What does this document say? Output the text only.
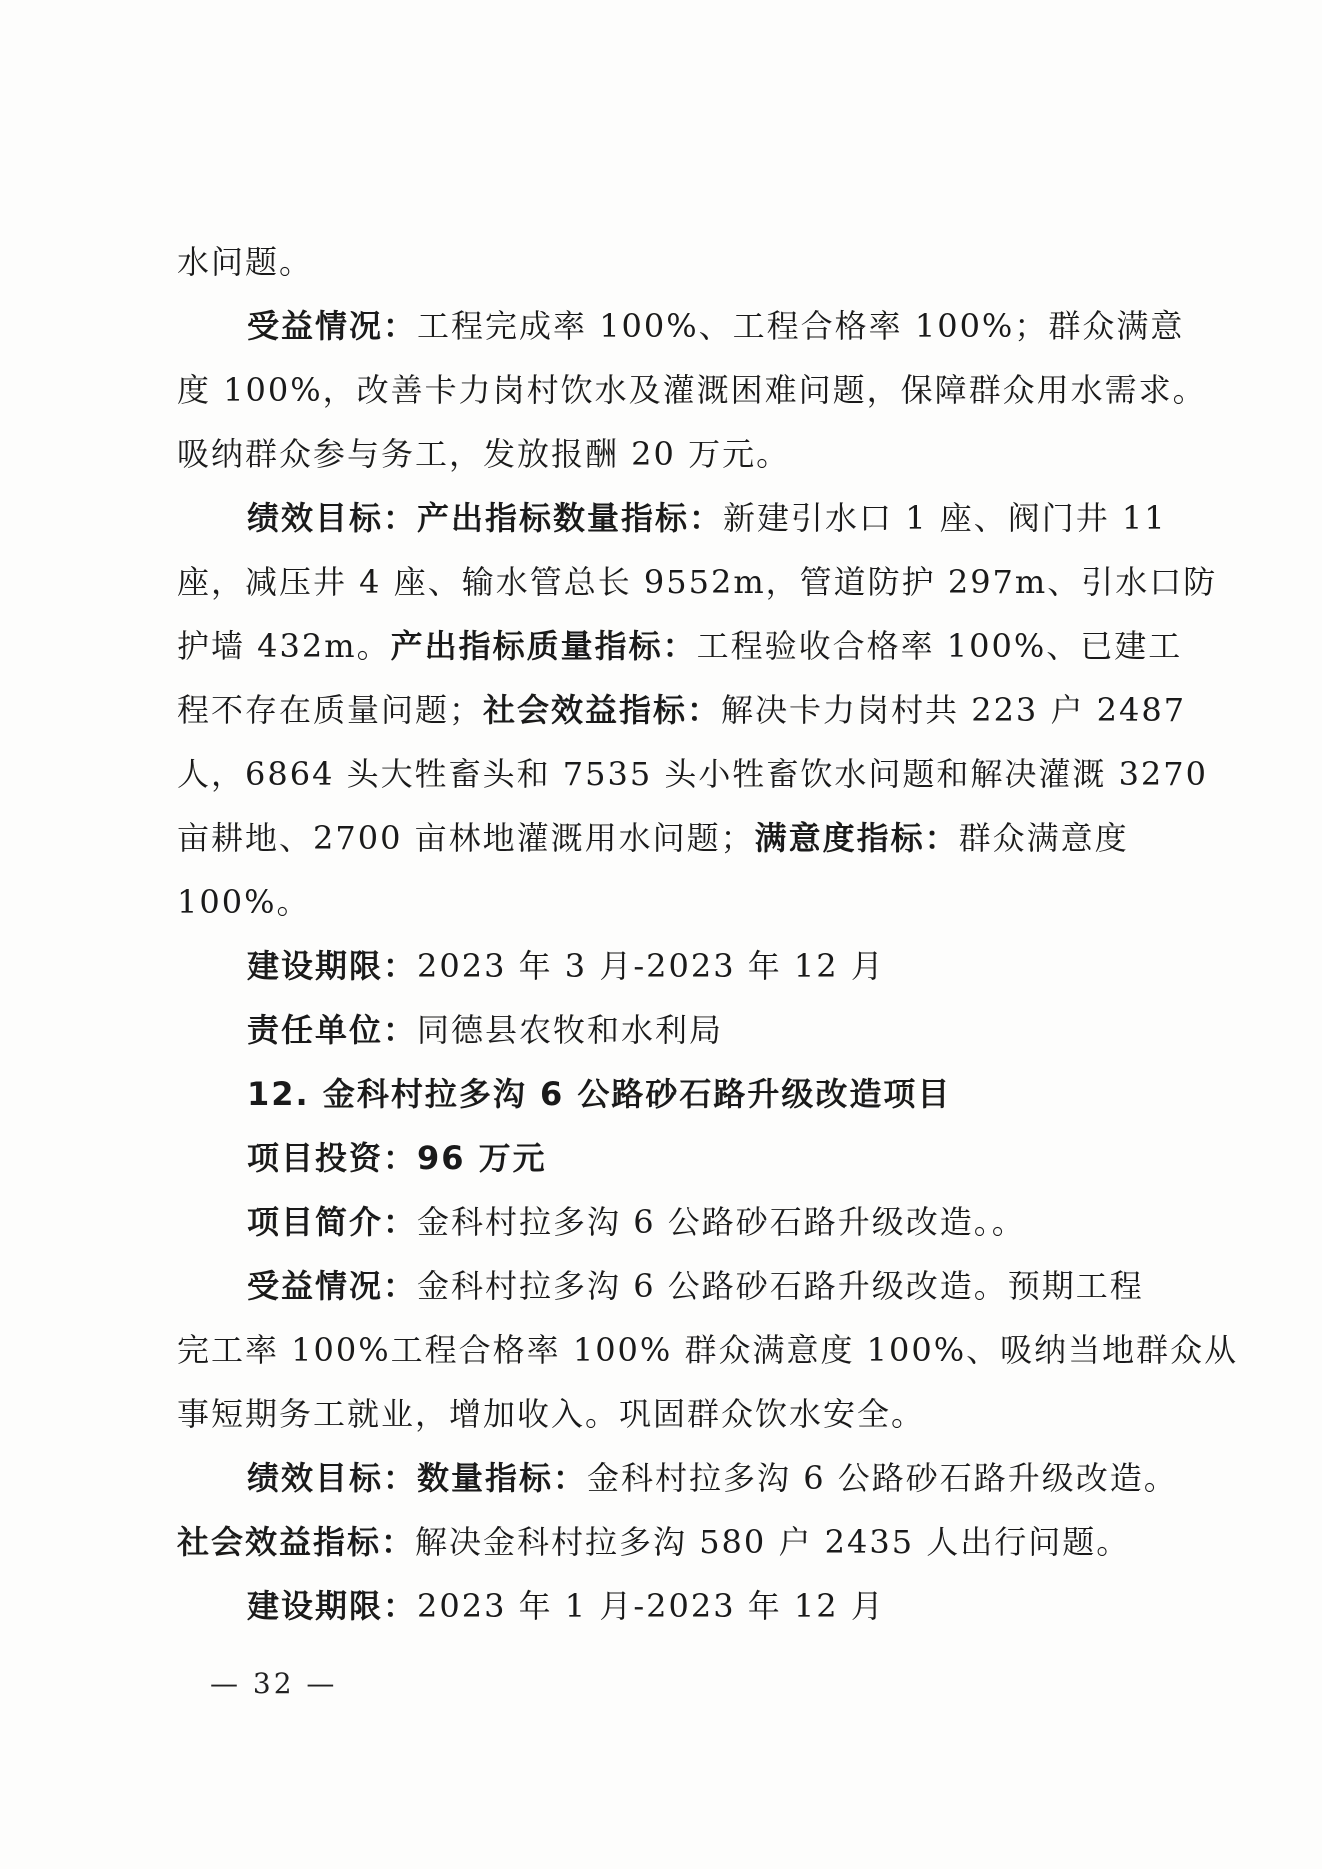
水问题。
受益情况：工程完成率 100%、工程合格率 100%；群众满意
度 100%，改善卡力岗村饮水及灌溉困难问题，保障群众用水需求。
吸纳群众参与务工，发放报酬 20 万元。
绩效目标：产出指标数量指标：新建引水口 1 座、阀门井 11
座，减压井 4 座、输水管总长 9552m，管道防护 297m、引水口防
护墙 432m。产出指标质量指标：工程验收合格率 100%、已建工
程不存在质量问题；社会效益指标：解决卡力岗村共 223 户 2487
人，6864 头大牲畜头和 7535 头小牲畜饮水问题和解决灌溉 3270
亩耕地、2700 亩林地灌溉用水问题；满意度指标：群众满意度
100%。
建设期限：2023 年 3 月-2023 年 12 月
责任单位：同德县农牧和水利局
12. 金科村拉多沟 6 公路砂石路升级改造项目
项目投资：96 万元
项目简介：金科村拉多沟 6 公路砂石路升级改造。。
受益情况：金科村拉多沟 6 公路砂石路升级改造。预期工程
完工率 100%工程合格率 100% 群众满意度 100%、吸纳当地群众从
事短期务工就业，增加收入。巩固群众饮水安全。
绩效目标：数量指标：金科村拉多沟 6 公路砂石路升级改造。
社会效益指标：解决金科村拉多沟 580 户 2435 人出行问题。
建设期限：2023 年 1 月-2023 年 12 月
— 32 —
